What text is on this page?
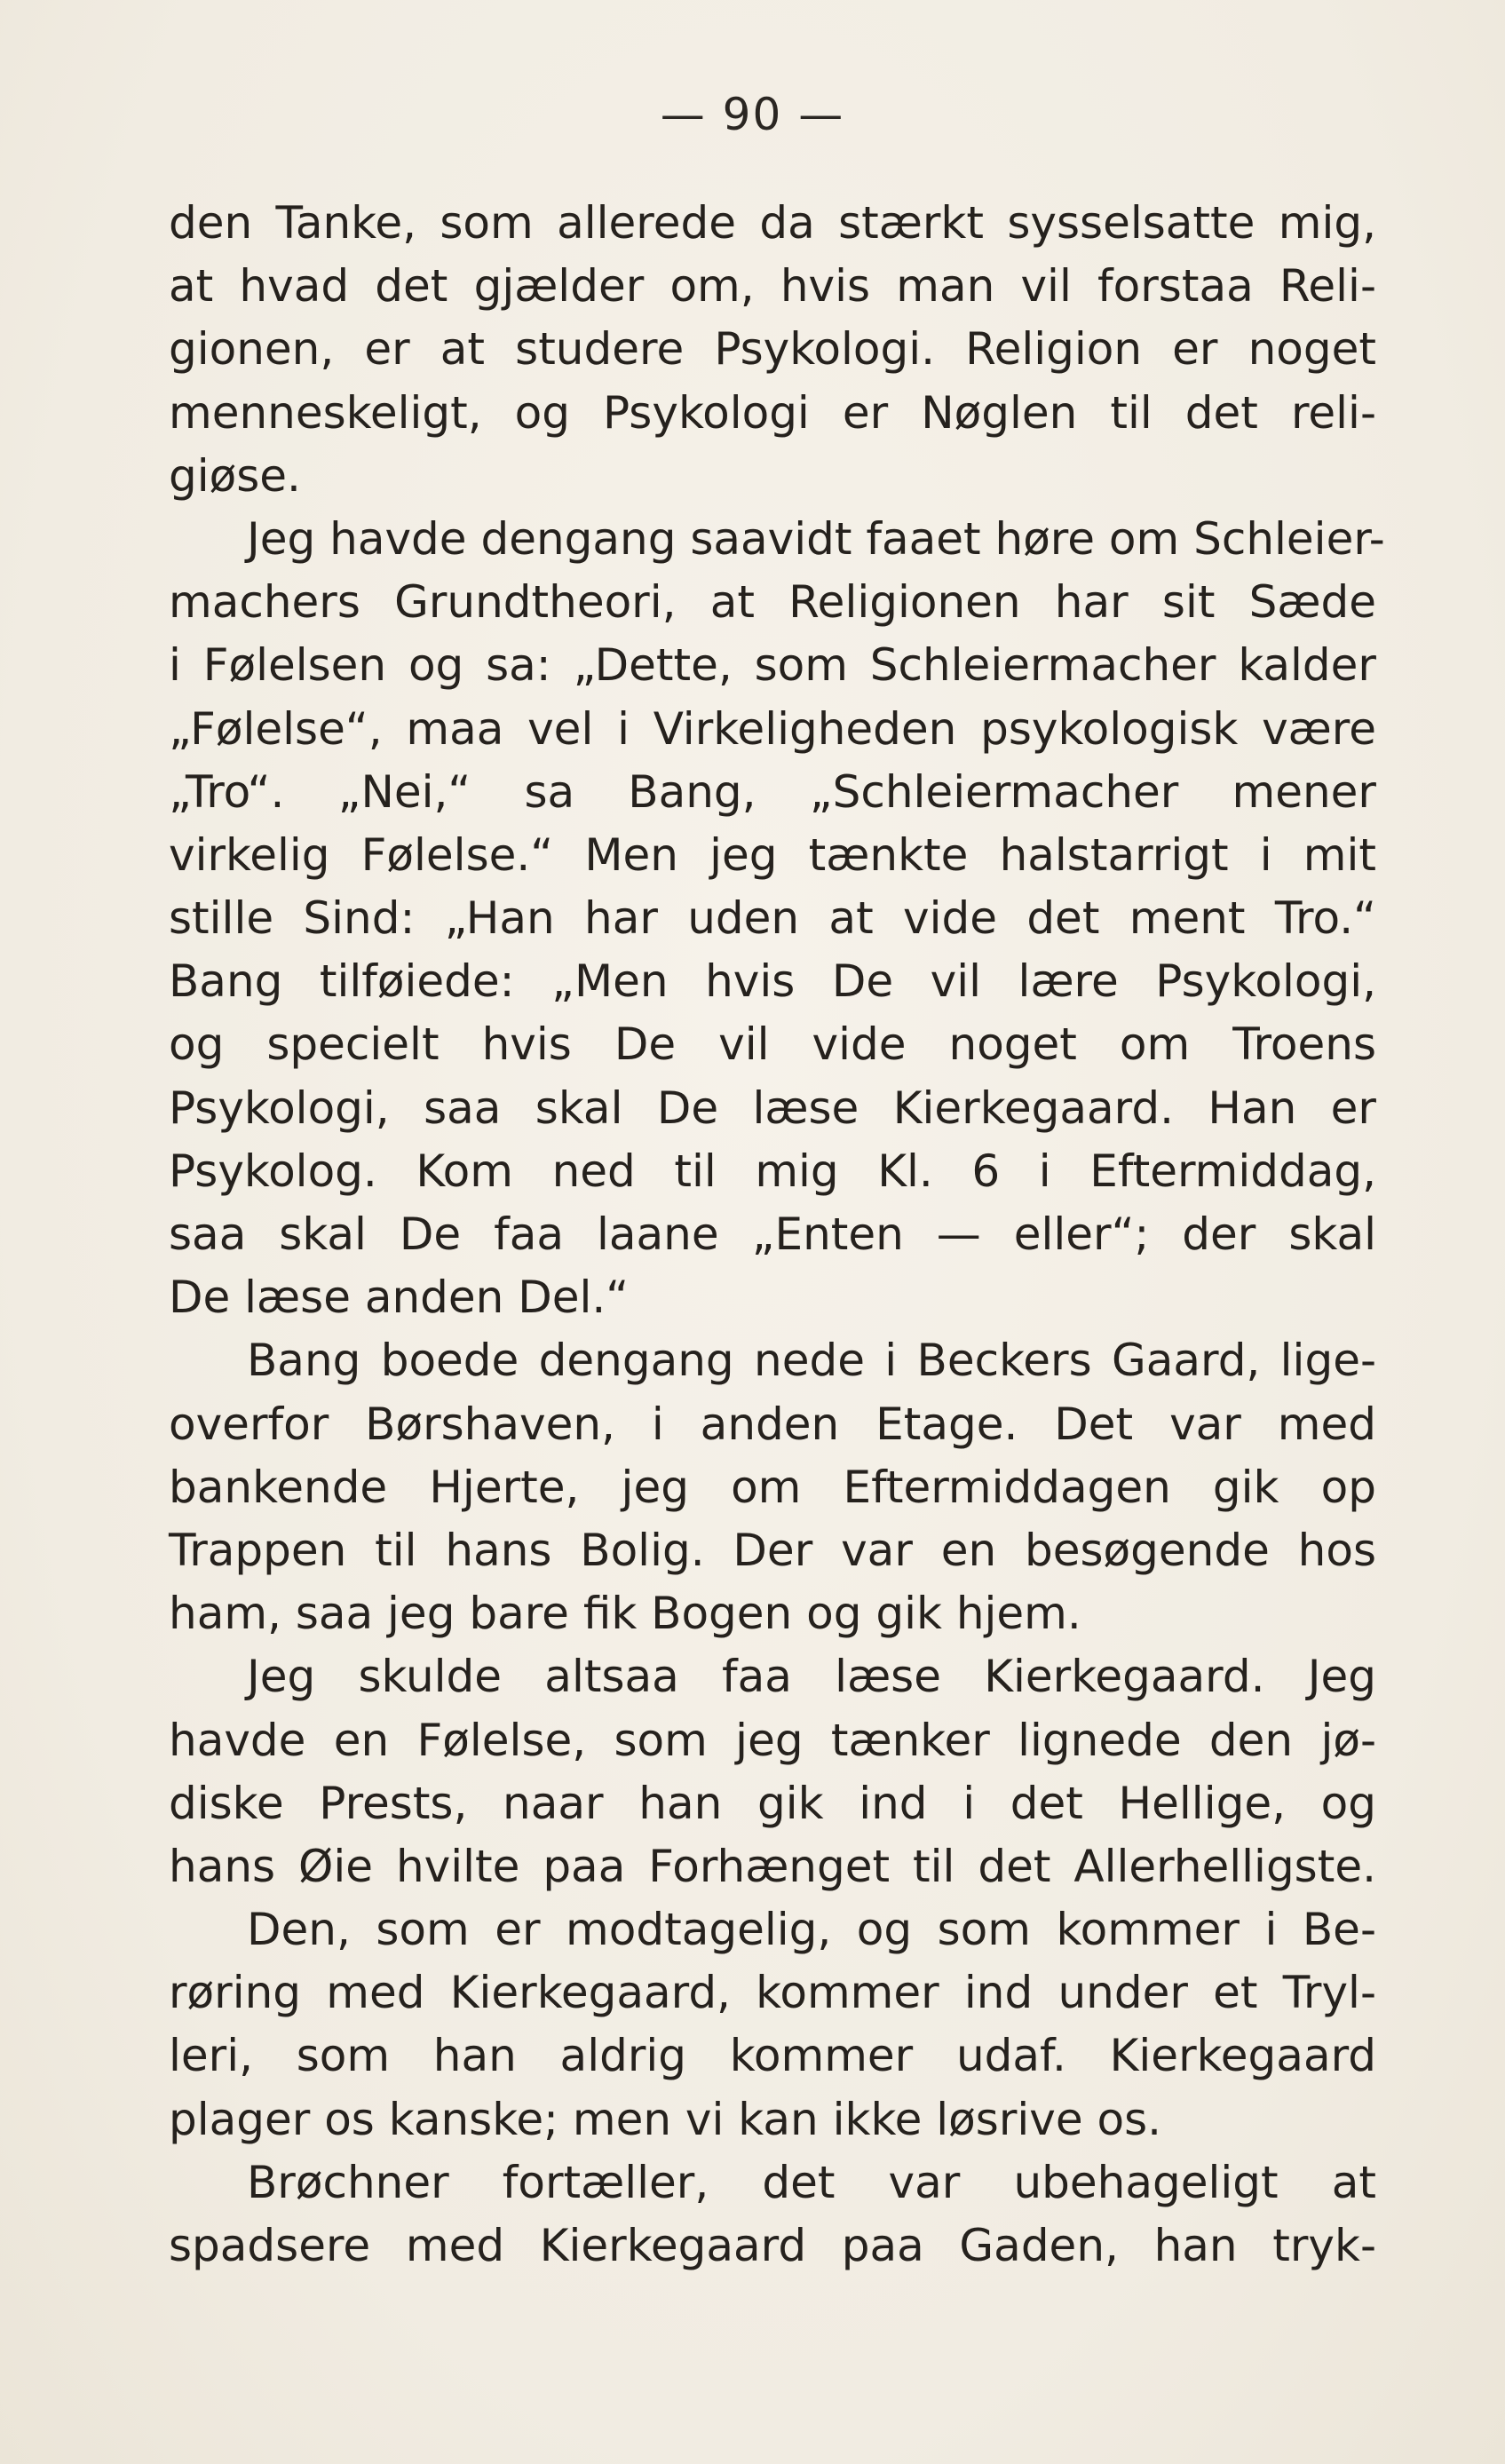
— 90 —
den Tanke, som allerede da stærkt sysselsatte mig,
at hvad det gjælder om, hvis man vil forstaa Reli-
gionen, er at studere Psykologi. Religion er noget
menneskeligt, og Psykologi er Nøglen til det reli-
giøse.
Jeg havde dengang saavidt faaet høre om Schleier-
machers Grundtheori, at Religionen har sit Sæde
i Følelsen og sa: „Dette, som Schleiermacher kalder
„Følelse“, maa vel i Virkeligheden psykologisk være
„Tro“. „Nei,“ sa Bang, „Schleiermacher mener
virkelig Følelse.“ Men jeg tænkte halstarrigt i mit
stille Sind: „Han har uden at vide det ment Tro.“
Bang tilføiede: „Men hvis De vil lære Psykologi,
og specielt hvis De vil vide noget om Troens
Psykologi, saa skal De læse Kierkegaard. Han er
Psykolog. Kom ned til mig Kl. 6 i Eftermiddag,
saa skal De faa laane „Enten — eller“; der skal
De læse anden Del.“
Bang boede dengang nede i Beckers Gaard, lige-
overfor Børshaven, i anden Etage. Det var med
bankende Hjerte, jeg om Eftermiddagen gik op
Trappen til hans Bolig. Der var en besøgende hos
ham, saa jeg bare fik Bogen og gik hjem.
Jeg skulde altsaa faa læse Kierkegaard. Jeg
havde en Følelse, som jeg tænker lignede den jø-
diske Prests, naar han gik ind i det Hellige, og
hans Øie hvilte paa Forhænget til det Allerhelligste.
Den, som er modtagelig, og som kommer i Be-
røring med Kierkegaard, kommer ind under et Tryl-
leri, som han aldrig kommer udaf. Kierkegaard
plager os kanske; men vi kan ikke løsrive os.
Brøchner fortæller, det var ubehageligt at
spadsere med Kierkegaard paa Gaden, han tryk-
